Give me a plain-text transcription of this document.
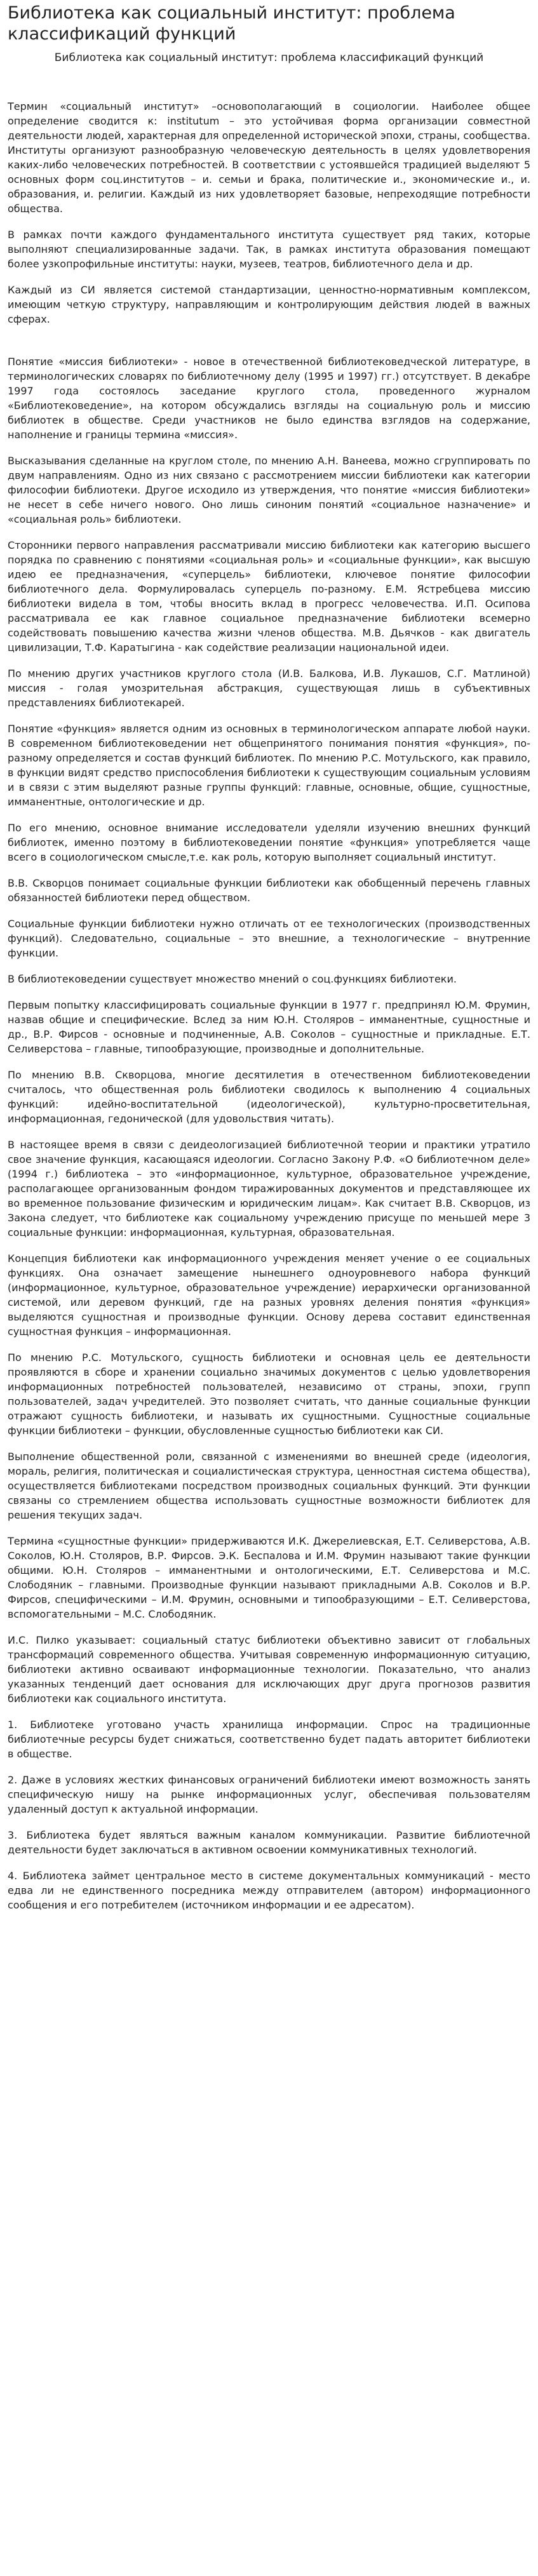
Библиотека как социальный институт: проблема классификаций функций
Библиотека как социальный институт: проблема классификаций функций

Термин «социальный институт» –основополагающий в социологии. Наиболее общее определение сводится к: institutum – это устойчивая форма организации совместной деятельности людей, характерная для определенной исторической эпохи, страны, сообщества. Институты организуют разнообразную человеческую деятельность в целях удовлетворения каких-либо человеческих потребностей. В соответствии с устоявшейся традицией выделяют 5 основных форм соц.институтов – и. семьи и брака, политические и., экономические и., и. образования, и. религии. Каждый из них удовлетворяет базовые, непреходящие потребности общества.

В рамках почти каждого фундаментального института существует ряд таких, которые выполняют специализированные задачи. Так, в рамках института образования помещают более узкопрофильные институты: науки, музеев, театров, библиотечного дела и др.

Каждый из СИ является системой стандартизации, ценностно-нормативным комплексом, имеющим четкую структуру, направляющим и контролирующим действия людей в важных сферах.

Понятие «миссия библиотеки» - новое в отечественной библиотековедческой литературе, в терминологических словарях по библиотечному делу (1995 и 1997) гг.) отсутствует. В декабре 1997 года состоялось заседание круглого стола, проведенного журналом «Библиотековедение», на котором обсуждались взгляды на социальную роль и миссию библиотек в обществе. Среди участников не было единства взглядов на содержание, наполнение и границы термина «миссия».

Высказывания сделанные на круглом столе, по мнению А.Н. Ванеева, можно сгруппировать по двум направлениям. Одно из них связано с рассмотрением миссии библиотеки как категории философии библиотеки. Другое исходило из утверждения, что понятие «миссия библиотеки» не несет в себе ничего нового. Оно лишь синоним понятий «социальное назначение» и «социальная роль» библиотеки.

Сторонники первого направления рассматривали миссию библиотеки как категорию высшего порядка по сравнению с понятиями «социальная роль» и «социальные функции», как высшую идею ее предназначения, «суперцель» библиотеки, ключевое понятие философии библиотечного дела. Формулировалась суперцель по-разному. Е.М. Ястребцева миссию библиотеки видела в том, чтобы вносить вклад в прогресс человечества. И.П. Осипова рассматривала ее как главное социальное предназначение библиотеки всемерно содействовать повышению качества жизни членов общества. М.В. Дьячков - как двигатель цивилизации, Т.Ф. Каратыгина - как содействие реализации национальной идеи.

По мнению других участников круглого стола (И.В. Балкова, И.В. Лукашов, С.Г. Матлиной) миссия - голая умозрительная абстракция, существующая лишь в субъективных представлениях библиотекарей.

Понятие «функция» является одним из основных в терминологическом аппарате любой науки. В современном библиотековедении нет общепринятого понимания понятия «функция», по-разному определяется и состав функций библиотек. По мнению Р.С. Мотульского, как правило, в функции видят средство приспособления библиотеки к существующим социальным условиям и в связи с этим выделяют разные группы функций: главные, основные, общие, сущностные, имманентные, онтологические и др.

По его мнению, основное внимание исследователи уделяли изучению внешних функций библиотек, именно поэтому в библиотековедении понятие «функция» употребляется чаще всего в социологическом смысле,т.е. как роль, которую выполняет социальный институт.

В.В. Скворцов понимает социальные функции библиотеки как обобщенный перечень главных обязанностей библиотеки перед обществом.

Социальные функции библиотеки нужно отличать от ее технологических (производственных функций). Следовательно, социальные – это внешние, а технологические – внутренние функции.

В библиотековедении существует множество мнений о соц.функциях библиотеки.

Первым попытку классифицировать социальные функции в 1977 г. предпринял Ю.М. Фрумин, назвав общие и специфические. Вслед за ним Ю.Н. Столяров – имманентные, сущностные и др., В.Р. Фирсов - основные и подчиненные, А.В. Соколов – сущностные и прикладные. Е.Т. Селиверстова – главные, типообразующие, производные и дополнительные.

По мнению В.В. Скворцова, многие десятилетия в отечественном библиотековедении считалось, что общественная роль библиотеки сводилось к выполнению 4 социальных функций: идейно-воспитательной (идеологической), культурно-просветительная, информационная, гедонической (для удовольствия читать).

В настоящее время в связи с деидеологизацией библиотечной теории и практики утратило свое значение функция, касающаяся идеологии. Согласно Закону Р.Ф. «О библиотечном деле» (1994 г.) библиотека – это «информационное, культурное, образовательное учреждение, располагающее организованным фондом тиражированных документов и представляющее их во временное пользование физическим и юридическим лицам». Как считает В.В. Скворцов, из Закона следует, что библиотеке как социальному учреждению присуще по меньшей мере 3 социальные функции: информационная, культурная, образовательная.

Концепция библиотеки как информационного учреждения меняет учение о ее социальных функциях. Она означает замещение нынешнего одноуровневого набора функций (информационное, культурное, образовательное учреждение) иерархически организованной системой, или деревом функций, где на разных уровнях деления понятия «функция» выделяются сущностная и производные функции. Основу дерева составит единственная сущностная функция – информационная.

По мнению Р.С. Мотульского, сущность библиотеки и основная цель ее деятельности проявляются в сборе и хранении социально значимых документов с целью удовлетворения информационных потребностей пользователей, независимо от страны, эпохи, групп пользователей, задач учредителей. Это позволяет считать, что данные социальные функции отражают сущность библиотеки, и называть их сущностными. Сущностные социальные функции библиотеки – функции, обусловленные сущностью библиотеки как СИ.

Выполнение общественной роли, связанной с изменениями во внешней среде (идеология, мораль, религия, политическая и социалистическая структура, ценностная система общества), осуществляется библиотеками посредством производных социальных функций. Эти функции связаны со стремлением общества использовать сущностные возможности библиотек для решения текущих задач.

Термина «сущностные функции» придерживаются И.К. Джерелиевская, Е.Т. Селиверстова, А.В. Соколов, Ю.Н. Столяров, В.Р. Фирсов. Э.К. Беспалова и И.М. Фрумин называют такие функции общими. Ю.Н. Столяров – имманентными и онтологическими, Е.Т. Селиверстова и М.С. Слободяник – главными. Производные функции называют прикладными А.В. Соколов и В.Р. Фирсов, специфическими – И.М. Фрумин, основными и типообразующими – Е.Т. Селиверстова, вспомогательными – М.С. Слободяник.

И.С. Пилко указывает: социальный статус библиотеки объективно зависит от глобальных трансформаций современного общества. Учитывая современную информационную ситуацию, библиотеки активно осваивают информационные технологии. Показательно, что анализ указанных тенденций дает основания для исключающих друг друга прогнозов развития библиотеки как социального института.

1. Библиотеке уготовано участь хранилища информации. Спрос на традиционные библиотечные ресурсы будет снижаться, соответственно будет падать авторитет библиотеки в обществе.

2. Даже в условиях жестких финансовых ограничений библиотеки имеют возможность занять специфическую нишу на рынке информационных услуг, обеспечивая пользователям удаленный доступ к актуальной информации.

3. Библиотека будет являться важным каналом коммуникации. Развитие библиотечной деятельности будет заключаться в активном освоении коммуникативных технологий.

4. Библиотека займет центральное место в системе документальных коммуникаций - место едва ли не единственного посредника между отправителем (автором) информационного сообщения и его потребителем (источником информации и ее адресатом).
